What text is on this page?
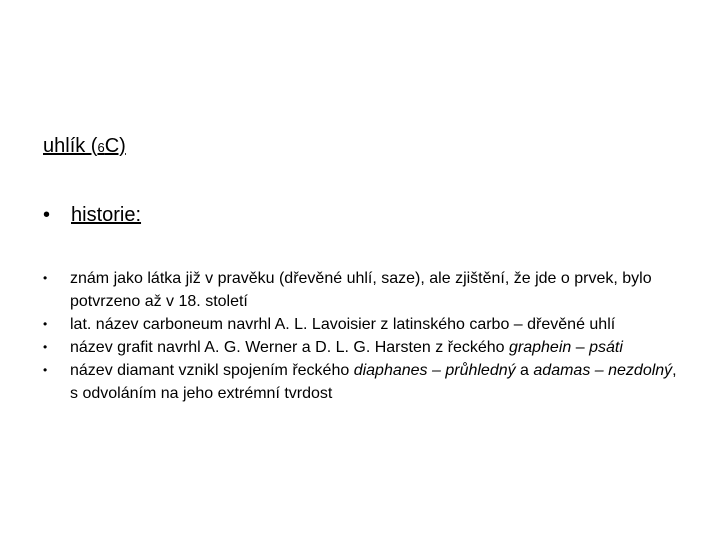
uhlík (6C)
• historie:
• znám jako látka již v pravěku (dřevěné uhlí, saze), ale zjištění, že jde o prvek, bylo potvrzeno až v 18. století
• lat. název carboneum navrhl A. L. Lavoisier z latinského carbo – dřevěné uhlí
• název grafit navrhl A. G. Werner a D. L. G. Harsten z řeckého graphein – psáti
• název diamant vznikl spojením řeckého diaphanes – průhledný a adamas – nezdolný, s odvoláním na jeho extrémní tvrdost
